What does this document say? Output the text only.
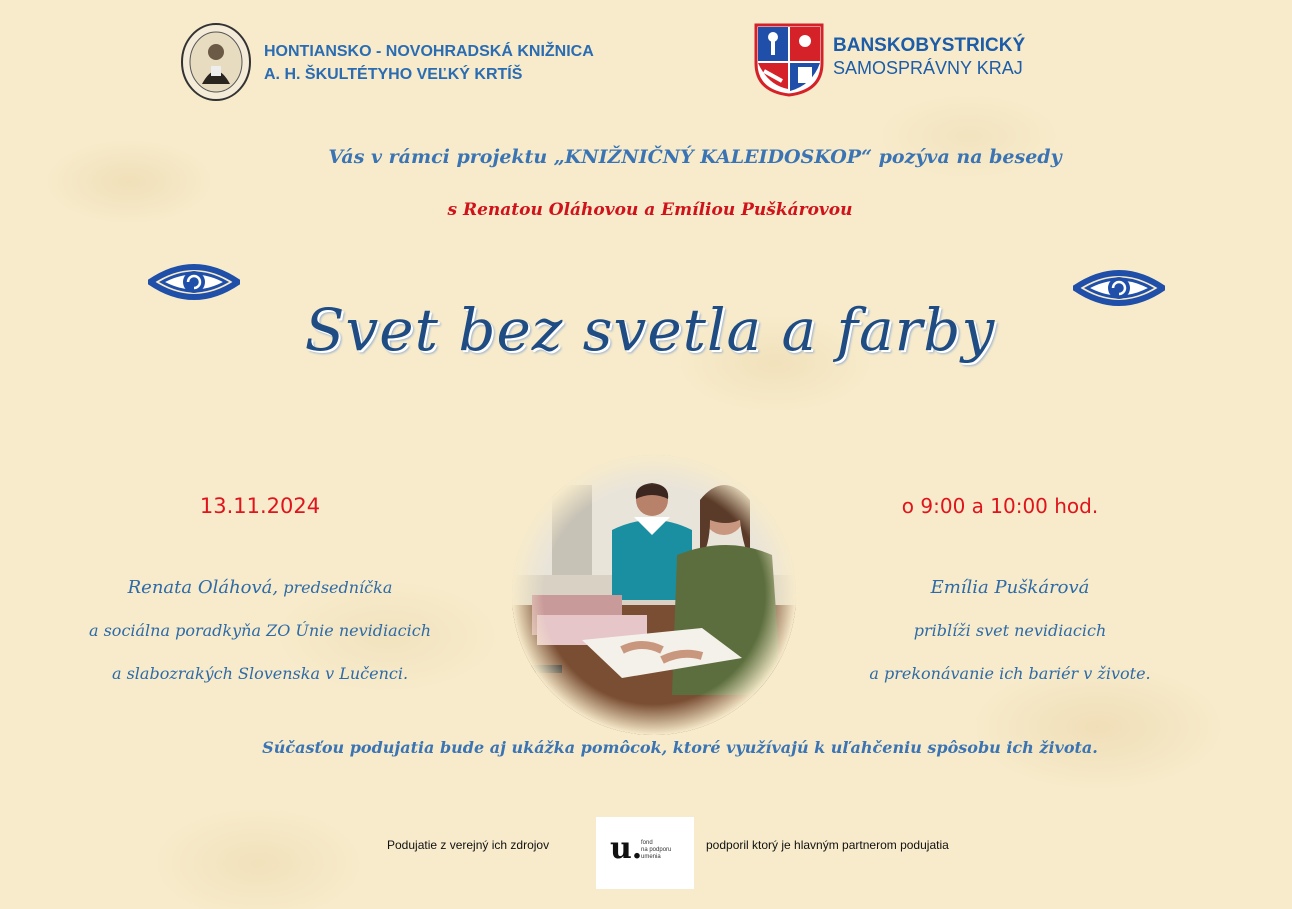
HONTIANSKO - NOVOHRADSKÁ KNIŽNICA
A. H. ŠKULTÉTYHO VEĽKÝ KRTÍŠ
BANSKOBYSTRICKÝ
SAMOSPRÁVNY KRAJ
Vás v rámci projektu „KNIŽNIČNÝ KALEIDOSKOP“ pozýva na besedy
s Renatou Oláhovou a Emíliou Puškárovou
Svet bez svetla a farby
13.11.2024	o 9:00 a 10:00 hod.
Renata Oláhová, predsedníčka
a sociálna poradkyňa ZO Únie nevidiacich
a slabozrakých Slovenska v Lučenci.
Emília Puškárová
priblíži svet nevidiacich
a prekonávanie ich bariér v živote.
Súčasťou podujatia bude aj ukážka pomôcok, ktoré využívajú k uľahčeniu spôsobu ich života.
Podujatie z verejný ich zdrojov u.
fond
na podporu
umenia
podporil ktorý je hlavným partnerom podujatia
